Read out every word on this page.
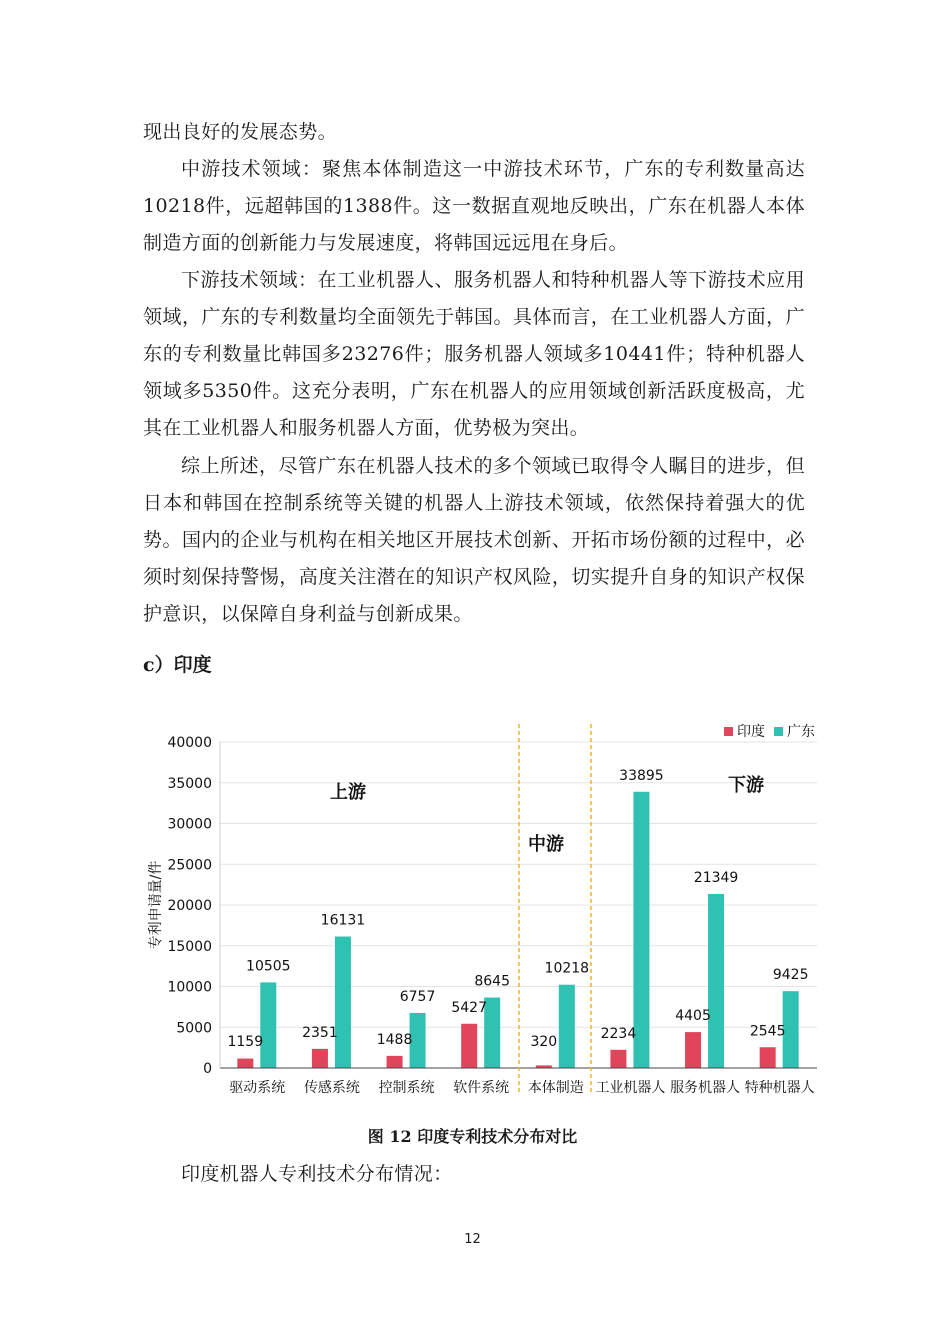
现出良好的发展态势。

中游技术领域：聚焦本体制造这一中游技术环节，广东的专利数量高达10218件，远超韩国的1388件。这一数据直观地反映出，广东在机器人本体制造方面的创新能力与发展速度，将韩国远远甩在身后。

下游技术领域：在工业机器人、服务机器人和特种机器人等下游技术应用领域，广东的专利数量均全面领先于韩国。具体而言，在工业机器人方面，广东的专利数量比韩国多23276件；服务机器人领域多10441件；特种机器人领域多5350件。这充分表明，广东在机器人的应用领域创新活跃度极高，尤其在工业机器人和服务机器人方面，优势极为突出。

综上所述，尽管广东在机器人技术的多个领域已取得令人瞩目的进步，但日本和韩国在控制系统等关键的机器人上游技术领域，依然保持着强大的优势。国内的企业与机构在相关地区开展技术创新、开拓市场份额的过程中，必须时刻保持警惕，高度关注潜在的知识产权风险，切实提升自身的知识产权保护意识，以保障自身利益与创新成果。

c）印度

0
5000
10000
15000
20000
25000
30000
35000
40000
驱动系统
1159
10505
传感系统
2351
16131
控制系统
1488
6757
软件系统
5427
8645
本体制造
320
10218
工业机器人
2234
33895
服务机器人
4405
21349
特种机器人
2545
9425
上游
中游
下游
专利申请量/件
印度 广东

图 12 印度专利技术分布对比

印度机器人专利技术分布情况：

12
